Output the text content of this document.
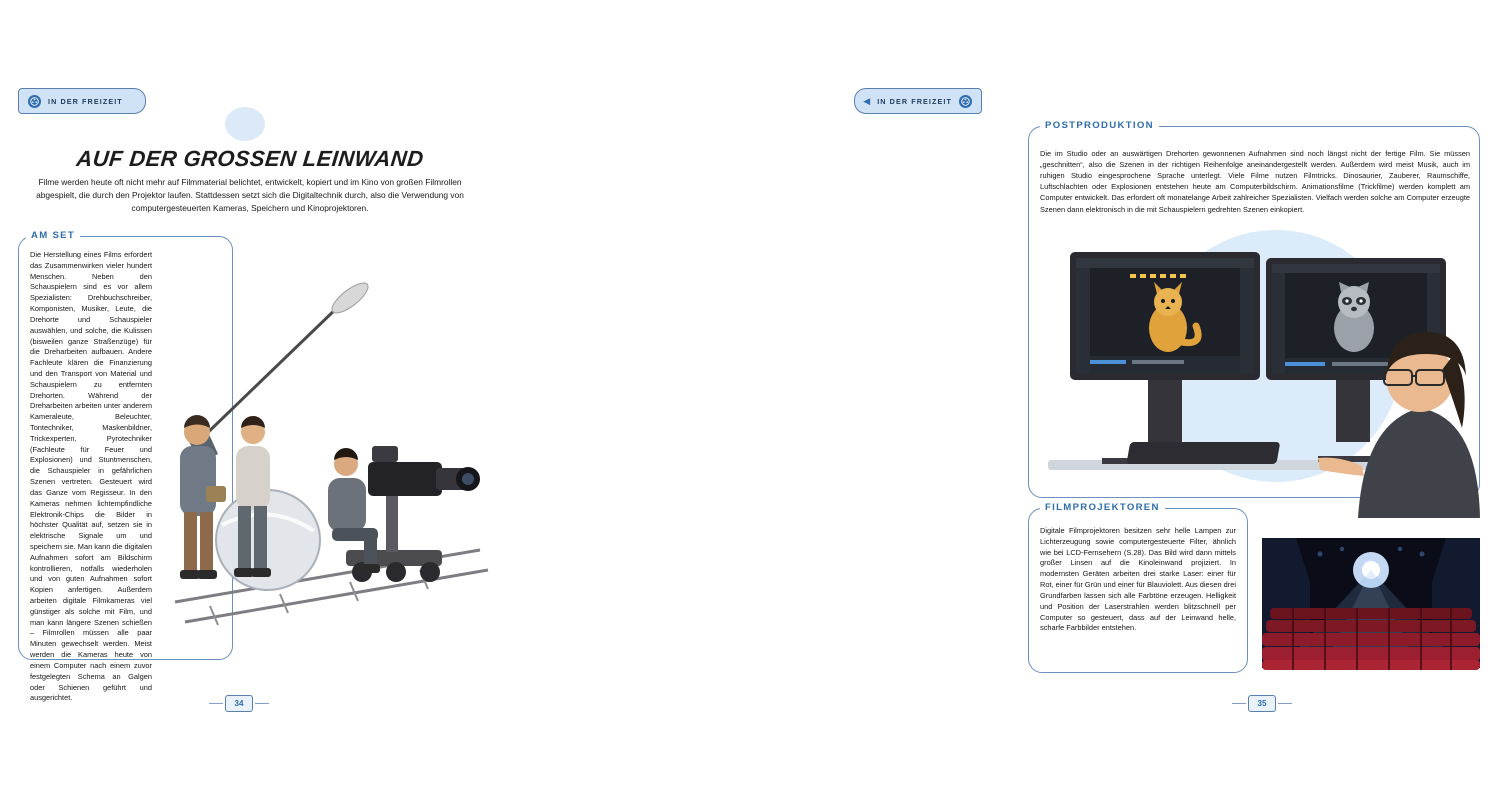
IN DER FREIZEIT
AUF DER GROSSEN LEINWAND
Filme werden heute oft nicht mehr auf Filmmaterial belichtet, entwickelt, kopiert und im Kino von großen Filmrollen abgespielt, die durch den Projektor laufen. Stattdessen setzt sich die Digitaltechnik durch, also die Verwendung von computergesteuerten Kameras, Speichern und Kinoprojektoren.
AM SET
Die Herstellung eines Films erfordert das Zusammenwirken vieler hundert Menschen. Neben den Schauspielern sind es vor allem Spezialisten: Drehbuchschreiber, Komponisten, Musiker, Leute, die Drehorte und Schauspieler auswählen, und solche, die Kulissen (bisweilen ganze Straßenzüge) für die Dreharbeiten aufbauen. Andere Fachleute klären die Finanzierung und den Transport von Material und Schauspielern zu entfernten Drehorten. Während der Dreharbeiten arbeiten unter anderem Kameraleute, Beleuchter, Tontechniker, Maskenbildner, Trickexperten, Pyrotechniker (Fachleute für Feuer und Explosionen) und Stuntmenschen, die Schauspieler in gefährlichen Szenen vertreten. Gesteuert wird das Ganze vom Regisseur. In den Kameras nehmen lichtempfindliche Elektronik-Chips die Bilder in höchster Qualität auf, setzen sie in elektrische Signale um und speichern sie. Man kann die digitalen Aufnahmen sofort am Bildschirm kontrollieren, notfalls wiederholen und von guten Aufnahmen sofort Kopien anfertigen. Außerdem arbeiten digitale Filmkameras viel günstiger als solche mit Film, und man kann längere Szenen schießen – Filmrollen müssen alle paar Minuten gewechselt werden. Meist werden die Kameras heute von einem Computer nach einem zuvor festgelegten Schema an Galgen oder Schienen geführt und ausgerichtet.
34
◀ IN DER FREIZEIT
POSTPRODUKTION
Die im Studio oder an auswärtigen Drehorten gewonnenen Aufnahmen sind noch längst nicht der fertige Film. Sie müssen „geschnitten“, also die Szenen in der richtigen Reihenfolge aneinandergestellt werden. Außerdem wird meist Musik, auch im ruhigen Studio eingesprochene Sprache unterlegt. Viele Filme nutzen Filmtricks. Dinosaurier, Zauberer, Raumschiffe, Luftschlachten oder Explosionen entstehen heute am Computerbildschirm. Animationsfilme (Trickfilme) werden komplett am Computer entwickelt. Das erfordert oft monatelange Arbeit zahlreicher Spezialisten. Vielfach werden solche am Computer erzeugte Szenen dann elektronisch in die mit Schauspielern gedrehten Szenen einkopiert.
FILMPROJEKTOREN
Digitale Filmprojektoren besitzen sehr helle Lampen zur Lichterzeugung sowie computergesteuerte Filter, ähnlich wie bei LCD-Fernsehern (S.28). Das Bild wird dann mittels großer Linsen auf die Kinoleinwand projiziert. In modernsten Geräten arbeiten drei starke Laser: einer für Rot, einer für Grün und einer für Blauviolett. Aus diesen drei Grundfarben lassen sich alle Farbtöne erzeugen. Helligkeit und Position der Laserstrahlen werden blitzschnell per Computer so gesteuert, dass auf der Leinwand helle, scharfe Farbbilder entstehen.
35
